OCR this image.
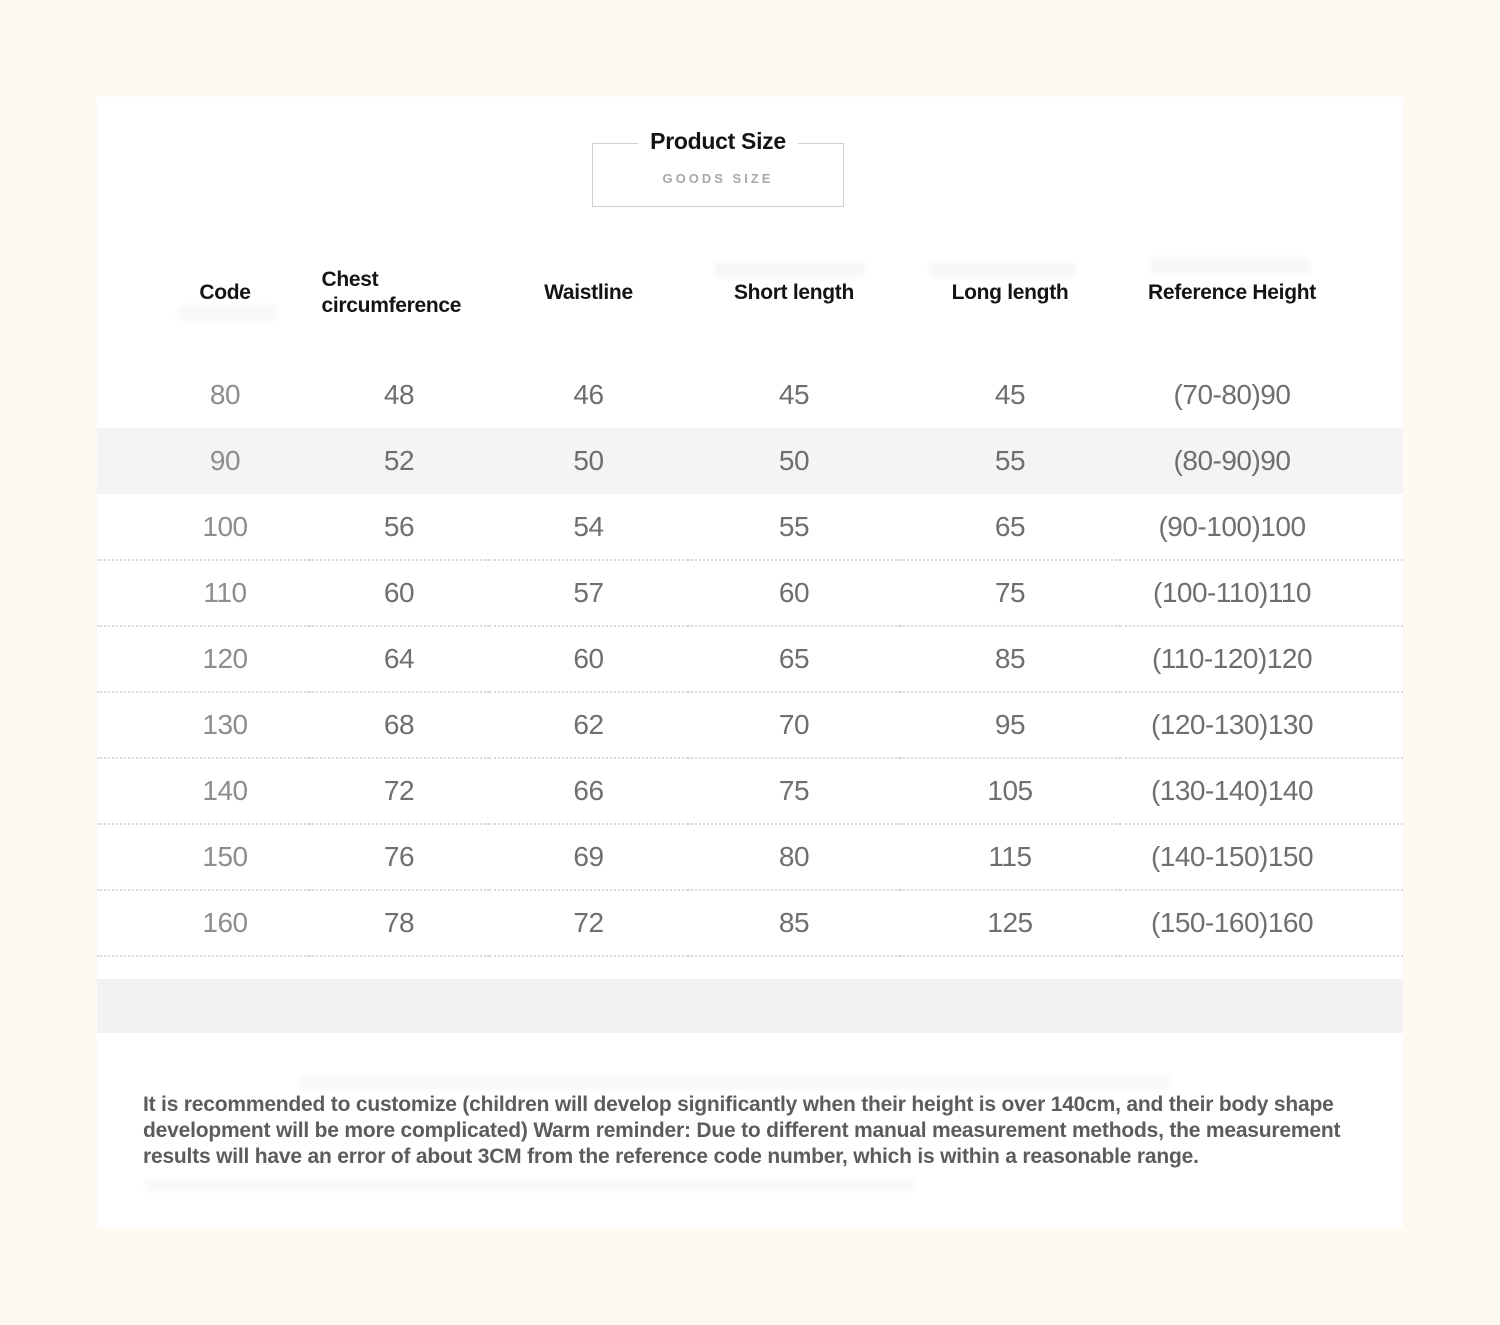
Product Size
GOODS SIZE
Code	Chest circumference	Waistline	Short length	Long length	Reference Height
80	48	46	45	45	(70-80)90
90	52	50	50	55	(80-90)90
100	56	54	55	65	(90-100)100
110	60	57	60	75	(100-110)110
120	64	60	65	85	(110-120)120
130	68	62	70	95	(120-130)130
140	72	66	75	105	(130-140)140
150	76	69	80	115	(140-150)150
160	78	72	85	125	(150-160)160
It is recommended to customize (children will develop significantly when their height is over 140cm, and their body shape development will be more complicated) Warm reminder: Due to different manual measurement methods, the measurement results will have an error of about 3CM from the reference code number, which is within a reasonable range.
